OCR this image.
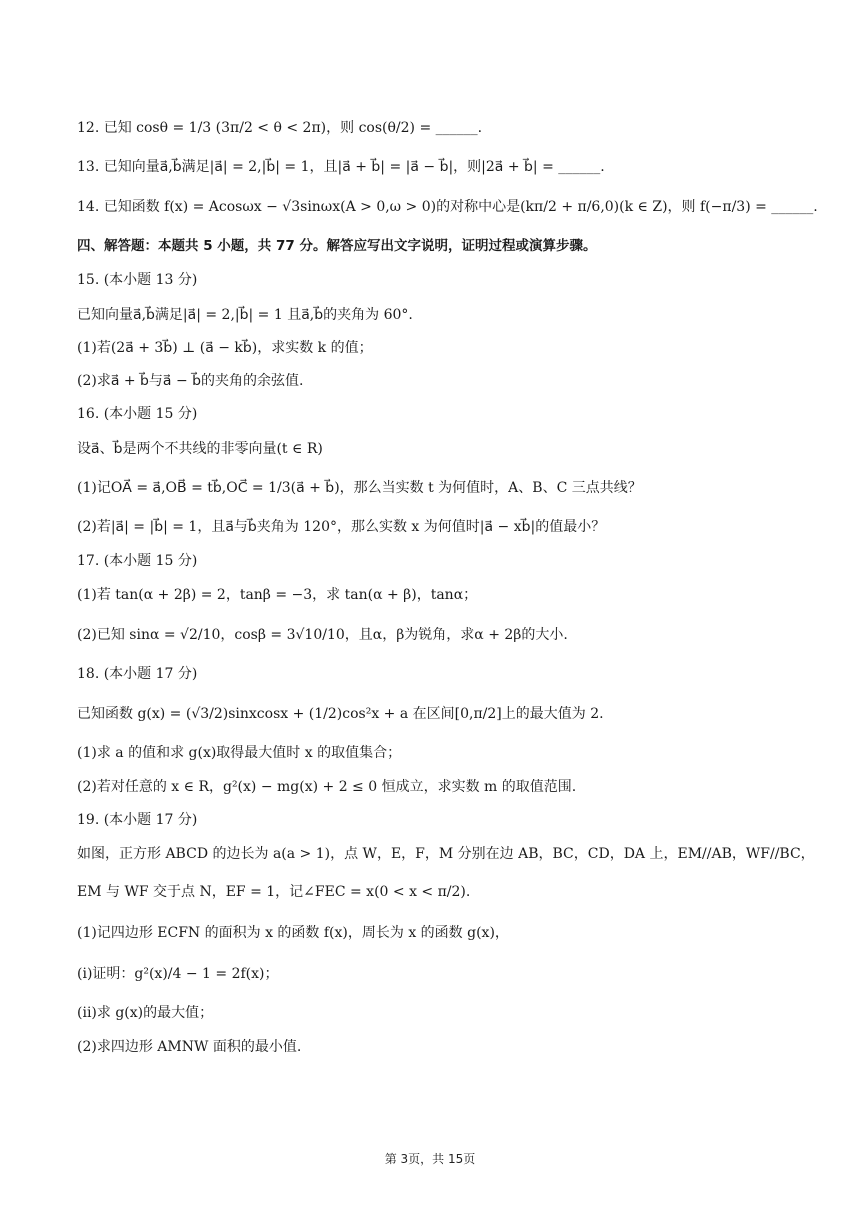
12. 已知 cosθ = 1/3 (3π/2 < θ < 2π)，则 cos(θ/2) = ______.
13. 已知向量a⃗,b⃗满足|a⃗| = 2,|b⃗| = 1，且|a⃗ + b⃗| = |a⃗ − b⃗|，则|2a⃗ + b⃗| = ______.
14. 已知函数 f(x) = Acosωx − √3sinωx(A > 0,ω > 0)的对称中心是(kπ/2 + π/6,0)(k ∈ Z)，则 f(−π/3) = ______.
四、解答题：本题共 5 小题，共 77 分。解答应写出文字说明，证明过程或演算步骤。
15. (本小题 13 分)
已知向量a⃗,b⃗满足|a⃗| = 2,|b⃗| = 1 且a⃗,b⃗的夹角为 60°.
(1)若(2a⃗ + 3b⃗) ⊥ (a⃗ − kb⃗)，求实数 k 的值；
(2)求a⃗ + b⃗与a⃗ − b⃗的夹角的余弦值.
16. (本小题 15 分)
设a⃗、b⃗是两个不共线的非零向量(t ∈ R)
(1)记OA⃗ = a⃗,OB⃗ = tb⃗,OC⃗ = 1/3(a⃗ + b⃗)，那么当实数 t 为何值时，A、B、C 三点共线？
(2)若|a⃗| = |b⃗| = 1，且a⃗与b⃗夹角为 120°，那么实数 x 为何值时|a⃗ − xb⃗|的值最小？
17. (本小题 15 分)
(1)若 tan(α + 2β) = 2，tanβ = −3，求 tan(α + β)，tanα；
(2)已知 sinα = √2/10，cosβ = 3√10/10，且α，β为锐角，求α + 2β的大小.
18. (本小题 17 分)
已知函数 g(x) = (√3/2)sinxcosx + (1/2)cos²x + a 在区间[0,π/2]上的最大值为 2.
(1)求 a 的值和求 g(x)取得最大值时 x 的取值集合；
(2)若对任意的 x ∈ R，g²(x) − mg(x) + 2 ≤ 0 恒成立，求实数 m 的取值范围.
19. (本小题 17 分)
如图，正方形 ABCD 的边长为 a(a > 1)，点 W，E，F，M 分别在边 AB，BC，CD，DA 上，EM//AB，WF//BC，
EM 与 WF 交于点 N，EF = 1，记∠FEC = x(0 < x < π/2).
(1)记四边形 ECFN 的面积为 x 的函数 f(x)，周长为 x 的函数 g(x)，
(i)证明：g²(x)/4 − 1 = 2f(x)；
(ii)求 g(x)的最大值；
(2)求四边形 AMNW 面积的最小值.
第 3页，共 15页
